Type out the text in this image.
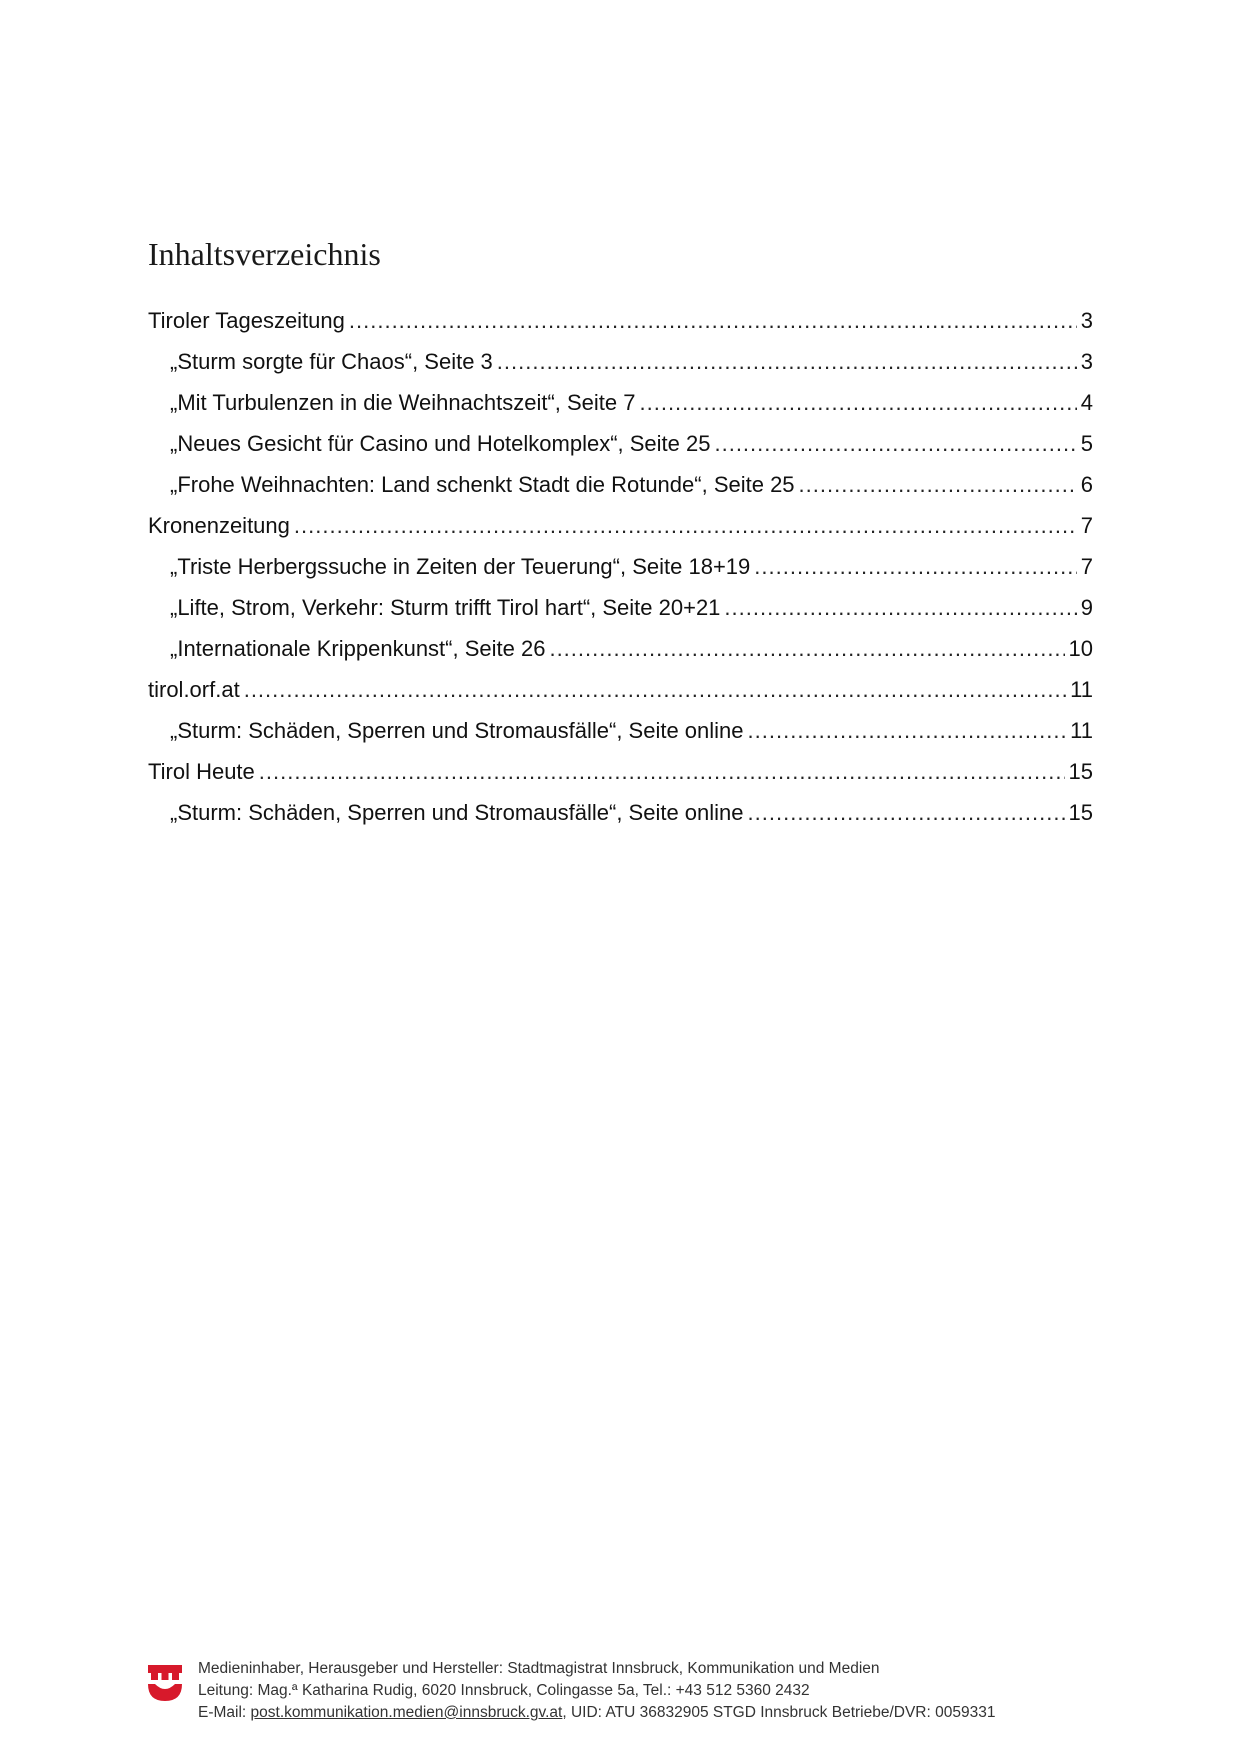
Inhaltsverzeichnis
Tiroler Tageszeitung .....	3
„Sturm sorgte für Chaos“, Seite 3 .....	3
„Mit Turbulenzen in die Weihnachtszeit“, Seite 7 .....	4
„Neues Gesicht für Casino und Hotelkomplex“, Seite 25 .....	5
„Frohe Weihnachten: Land schenkt Stadt die Rotunde“, Seite 25 .....	6
Kronenzeitung .....	7
„Triste Herbergssuche in Zeiten der Teuerung“, Seite 18+19 .....	7
„Lifte, Strom, Verkehr: Sturm trifft Tirol hart“, Seite 20+21 .....	9
„Internationale Krippenkunst“, Seite 26 .....	10
tirol.orf.at .....	11
„Sturm: Schäden, Sperren und Stromausfälle“, Seite online .....	11
Tirol Heute .....	15
„Sturm: Schäden, Sperren und Stromausfälle“, Seite online .....	15
Medieninhaber, Herausgeber und Hersteller: Stadtmagistrat Innsbruck, Kommunikation und Medien
Leitung: Mag.ª Katharina Rudig, 6020 Innsbruck, Colingasse 5a, Tel.: +43 512 5360 2432
E-Mail: post.kommunikation.medien@innsbruck.gv.at, UID: ATU 36832905 STGD Innsbruck Betriebe/DVR: 0059331
